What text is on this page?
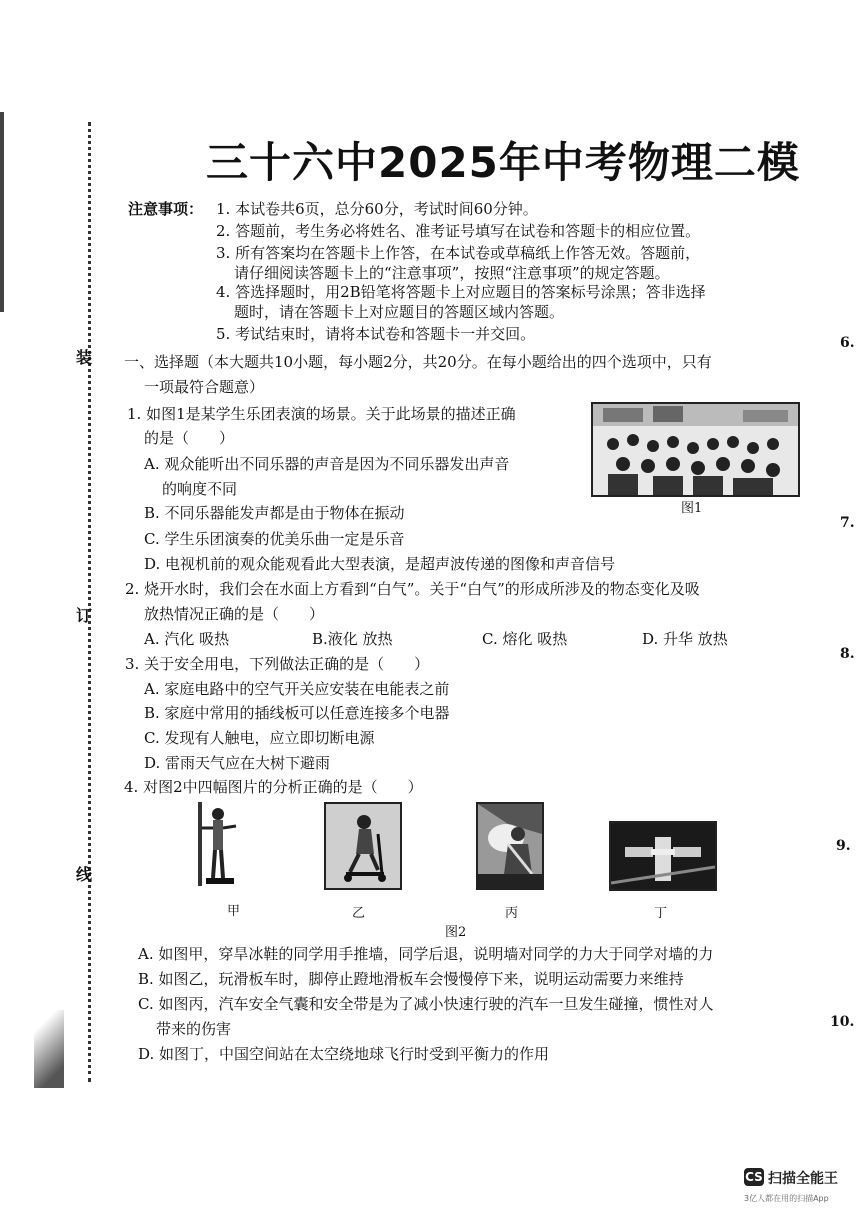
装
订
线
三十六中2025年中考物理二模
注意事项： 1. 本试卷共6页，总分60分，考试时间60分钟。
2. 答题前，考生务必将姓名、准考证号填写在试卷和答题卡的相应位置。
3. 所有答案均在答题卡上作答，在本试卷或草稿纸上作答无效。答题前，
请仔细阅读答题卡上的“注意事项”，按照“注意事项”的规定答题。
4. 答选择题时，用2B铅笔将答题卡上对应题目的答案标号涂黑；答非选择
题时，请在答题卡上对应题目的答题区域内答题。
5. 考试结束时，请将本试卷和答题卡一并交回。
一、选择题（本大题共10小题，每小题2分，共20分。在每小题给出的四个选项中，只有
一项最符合题意）
1. 如图1是某学生乐团表演的场景。关于此场景的描述正确
的是（　　）
A. 观众能听出不同乐器的声音是因为不同乐器发出声音
的响度不同
B. 不同乐器能发声都是由于物体在振动
C. 学生乐团演奏的优美乐曲一定是乐音
D. 电视机前的观众能观看此大型表演，是超声波传递的图像和声音信号
图1
2. 烧开水时，我们会在水面上方看到“白气”。关于“白气”的形成所涉及的物态变化及吸
放热情况正确的是（　　）
A. 汽化 吸热	B.液化 放热	C. 熔化 吸热	D. 升华 放热
3. 关于安全用电，下列做法正确的是（　　）
A. 家庭电路中的空气开关应安装在电能表之前
B. 家庭中常用的插线板可以任意连接多个电器
C. 发现有人触电，应立即切断电源
D. 雷雨天气应在大树下避雨
4. 对图2中四幅图片的分析正确的是（　　）
甲	乙	丙	丁
图2
A. 如图甲，穿旱冰鞋的同学用手推墙，同学后退，说明墙对同学的力大于同学对墙的力
B. 如图乙，玩滑板车时，脚停止蹬地滑板车会慢慢停下来，说明运动需要力来维持
C. 如图丙，汽车安全气囊和安全带是为了减小快速行驶的汽车一旦发生碰撞，惯性对人
带来的伤害
D. 如图丁，中国空间站在太空绕地球飞行时受到平衡力的作用
6.
7.
8.
9.
10.
CS 扫描全能王
3亿人都在用的扫描App
